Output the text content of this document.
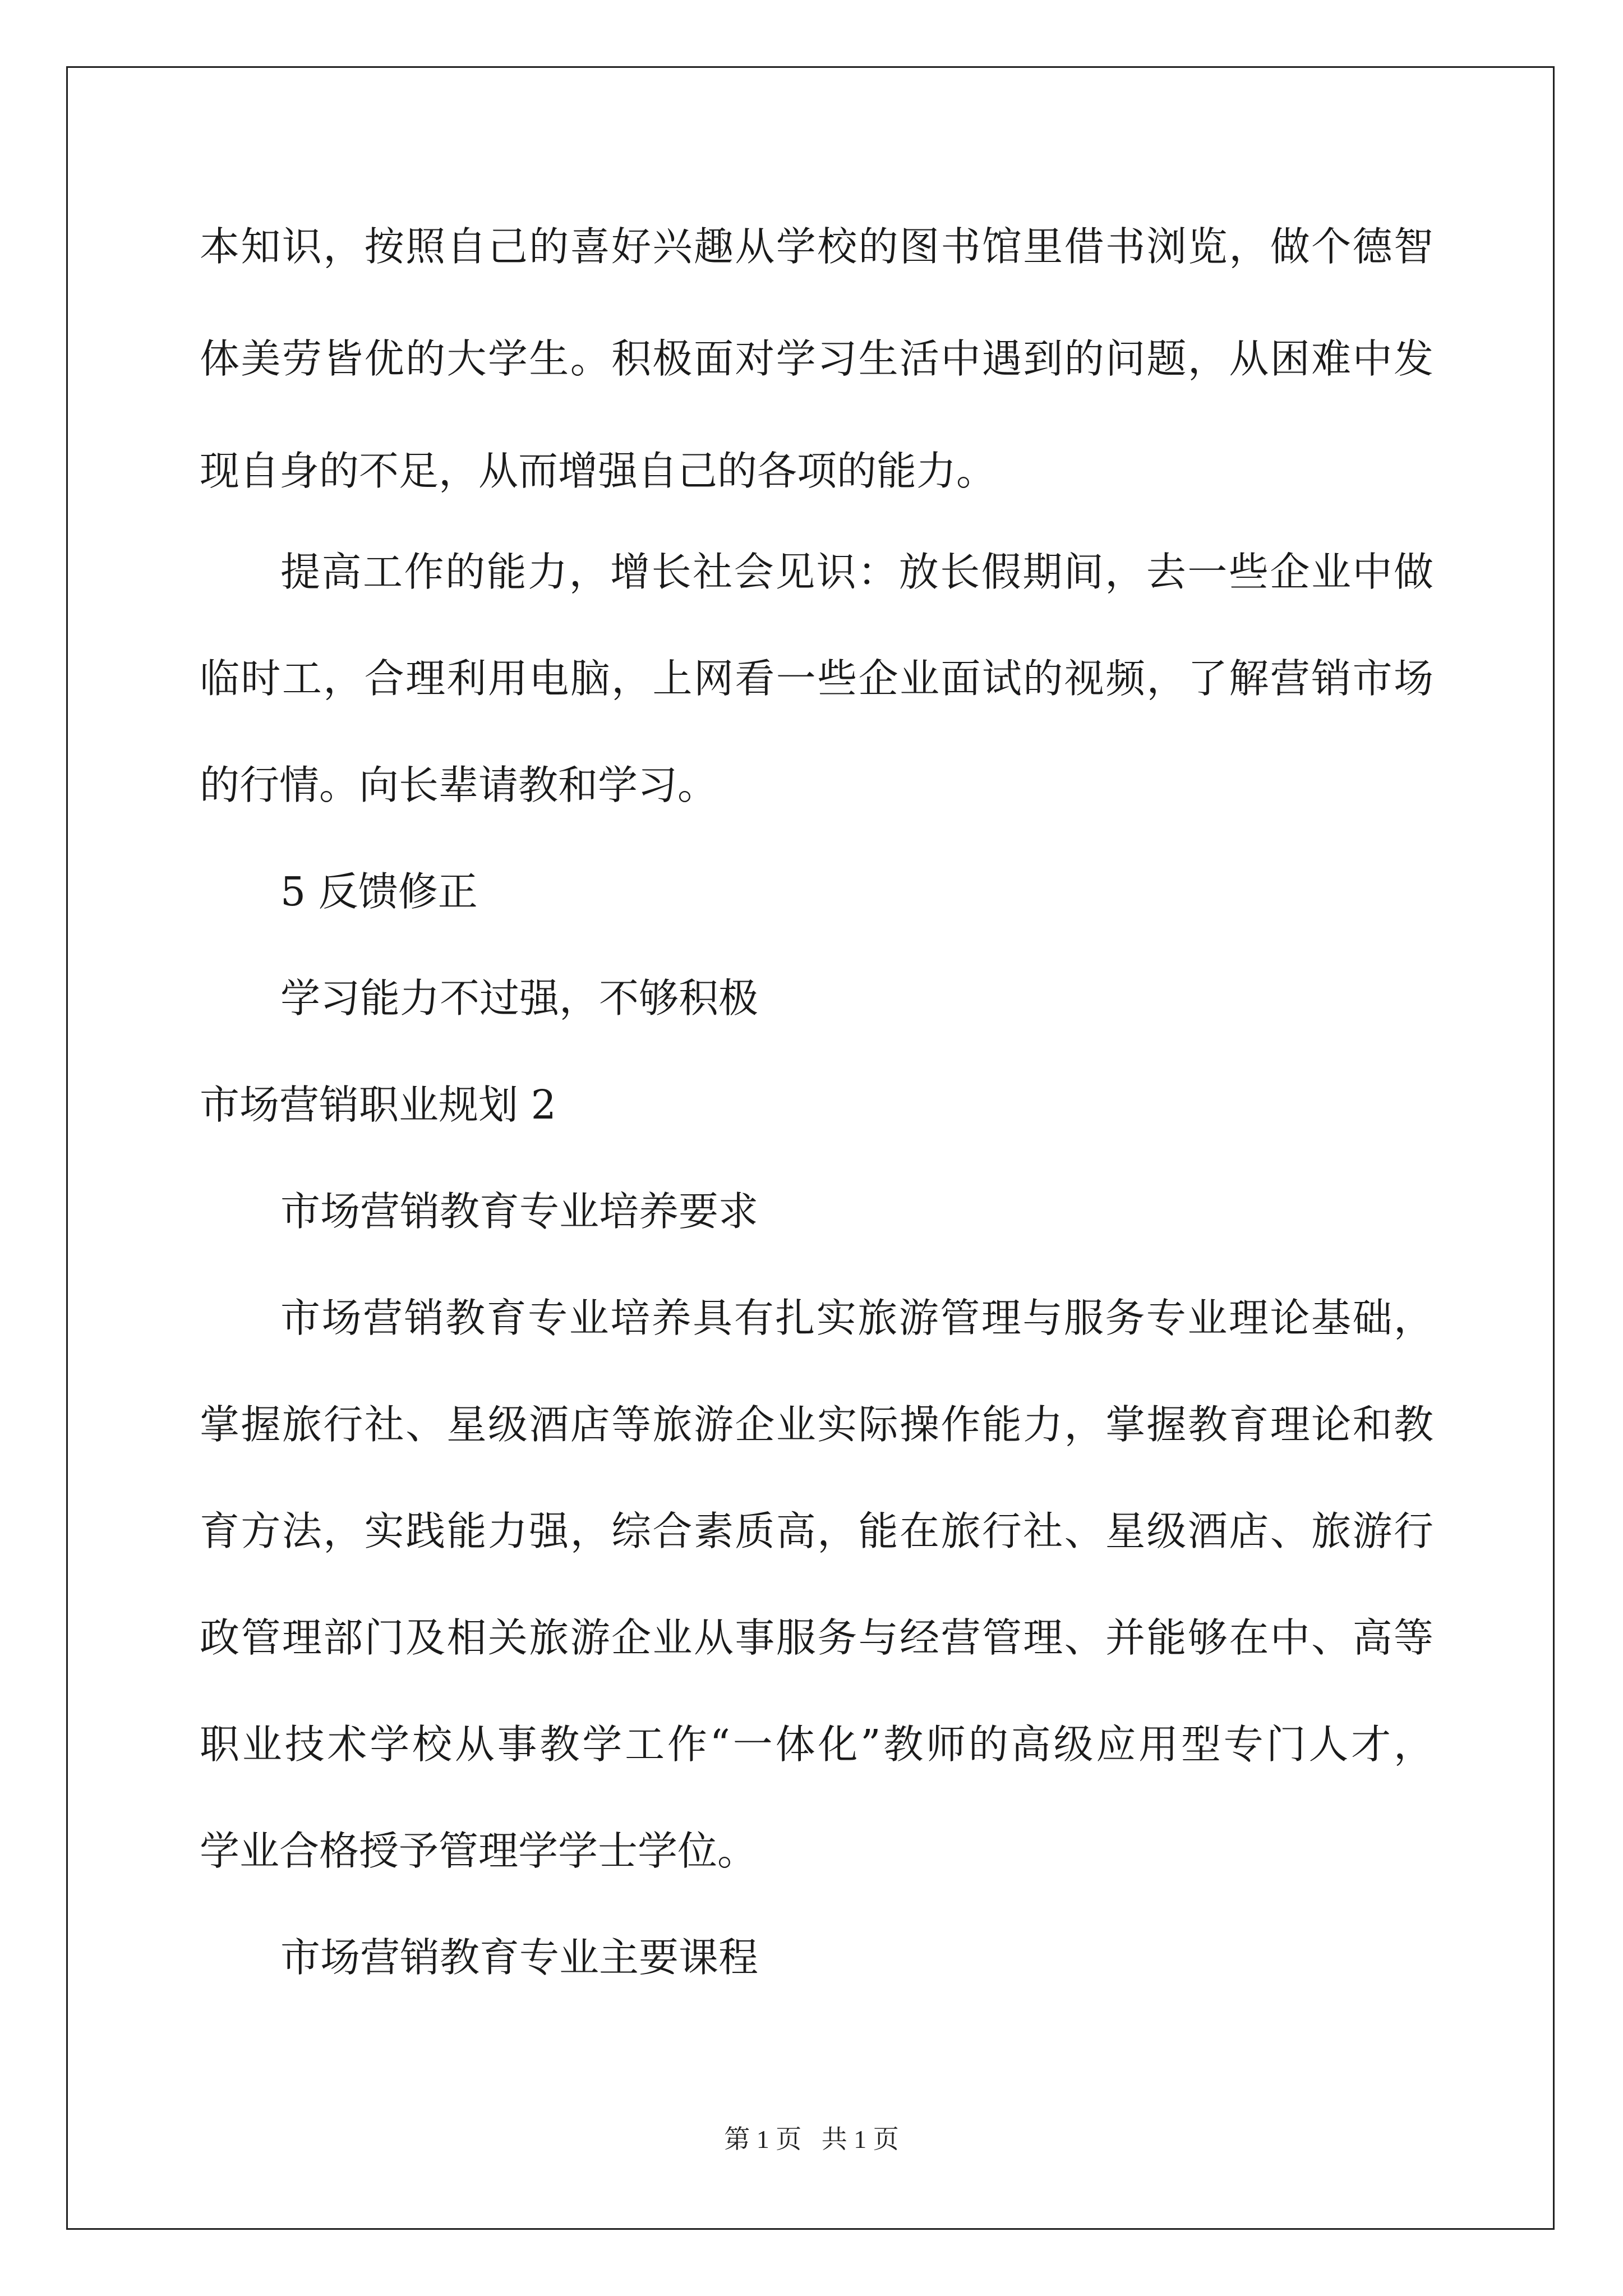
本知识，按照自己的喜好兴趣从学校的图书馆里借书浏览，做个德智
体美劳皆优的大学生。积极面对学习生活中遇到的问题，从困难中发
现自身的不足，从而增强自己的各项的能力。
提高工作的能力，增长社会见识：放长假期间，去一些企业中做
临时工，合理利用电脑，上网看一些企业面试的视频，了解营销市场
的行情。向长辈请教和学习。
5 反馈修正
学习能力不过强，不够积极
市场营销职业规划 2
市场营销教育专业培养要求
市场营销教育专业培养具有扎实旅游管理与服务专业理论基础，
掌握旅行社、星级酒店等旅游企业实际操作能力，掌握教育理论和教
育方法，实践能力强，综合素质高，能在旅行社、星级酒店、旅游行
政管理部门及相关旅游企业从事服务与经营管理、并能够在中、高等
职业技术学校从事教学工作“一体化”教师的高级应用型专门人才，
学业合格授予管理学学士学位。
市场营销教育专业主要课程
第 1 页 共 1 页
